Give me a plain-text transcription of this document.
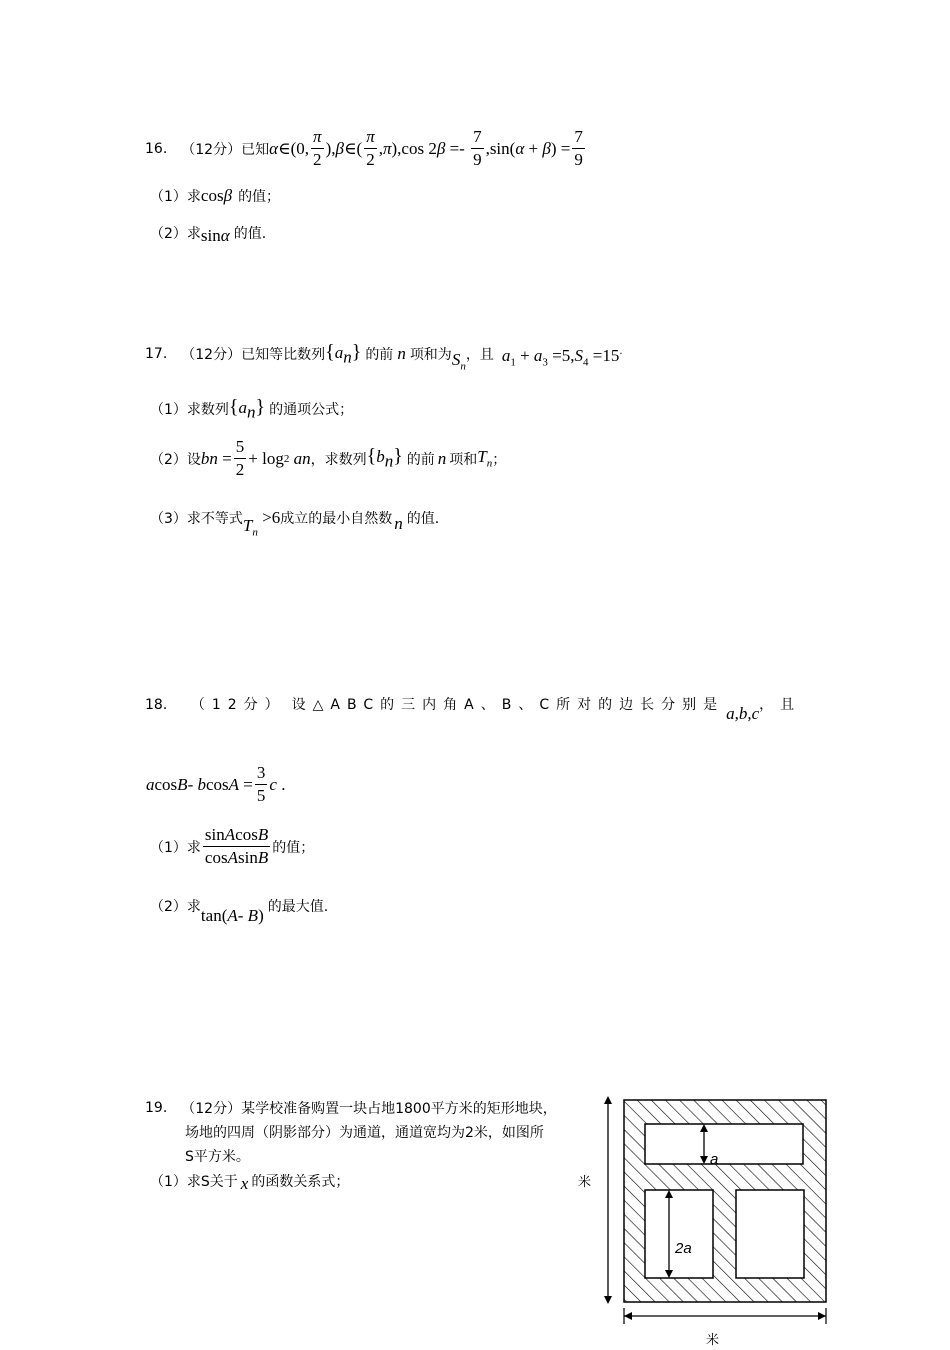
16. （12分） 已知 α ∈(0, $\frac{\pi}{2}$ ), β ∈( $\frac{\pi}{2}$ , π ),cos 2 $\beta =- \frac{7}{9} ,\sin$( α + β ) = $\frac{7}{9}$
（1）求 cosβ 的值；
（2）求 sinα 的值.
17. （12分） 已知等比数列 $\{a_n\}$ 的前 n 项和为 $S_n$
，且 $a_1 + a_3 =5,S_4 =15$ ·
（1）求数列 $\{a_n\}$ 的通项公式；
（2）设 b $n = \frac{5}{2} + \log 2$
a n ，求数列 $\{b_n\}$ 的前 n 项和 $T_n$ ；
（3）求不等式 $T_n$
>6 成立的最小自然数 n 的值.
18． （12分） 设△ABC的三内角A、B、C所对的边长分别是 a,b,c ，且
a cos B - b $\cos A = \frac{3}{5}$ c .
（1）求 $\frac{\text{sinAcosB}}{\text{cosAsinB}}$ 的值；
（2）求 tan(A- B) 的最大值.
19. （12分） 某学校准备购置一块占地1800平方米的矩形地块，
场地的四周（阴影部分）为通道，通道宽均为2米，如图所
S平方米。
（1）求S关于 x 的函数关系式；
a
2a
米
米
